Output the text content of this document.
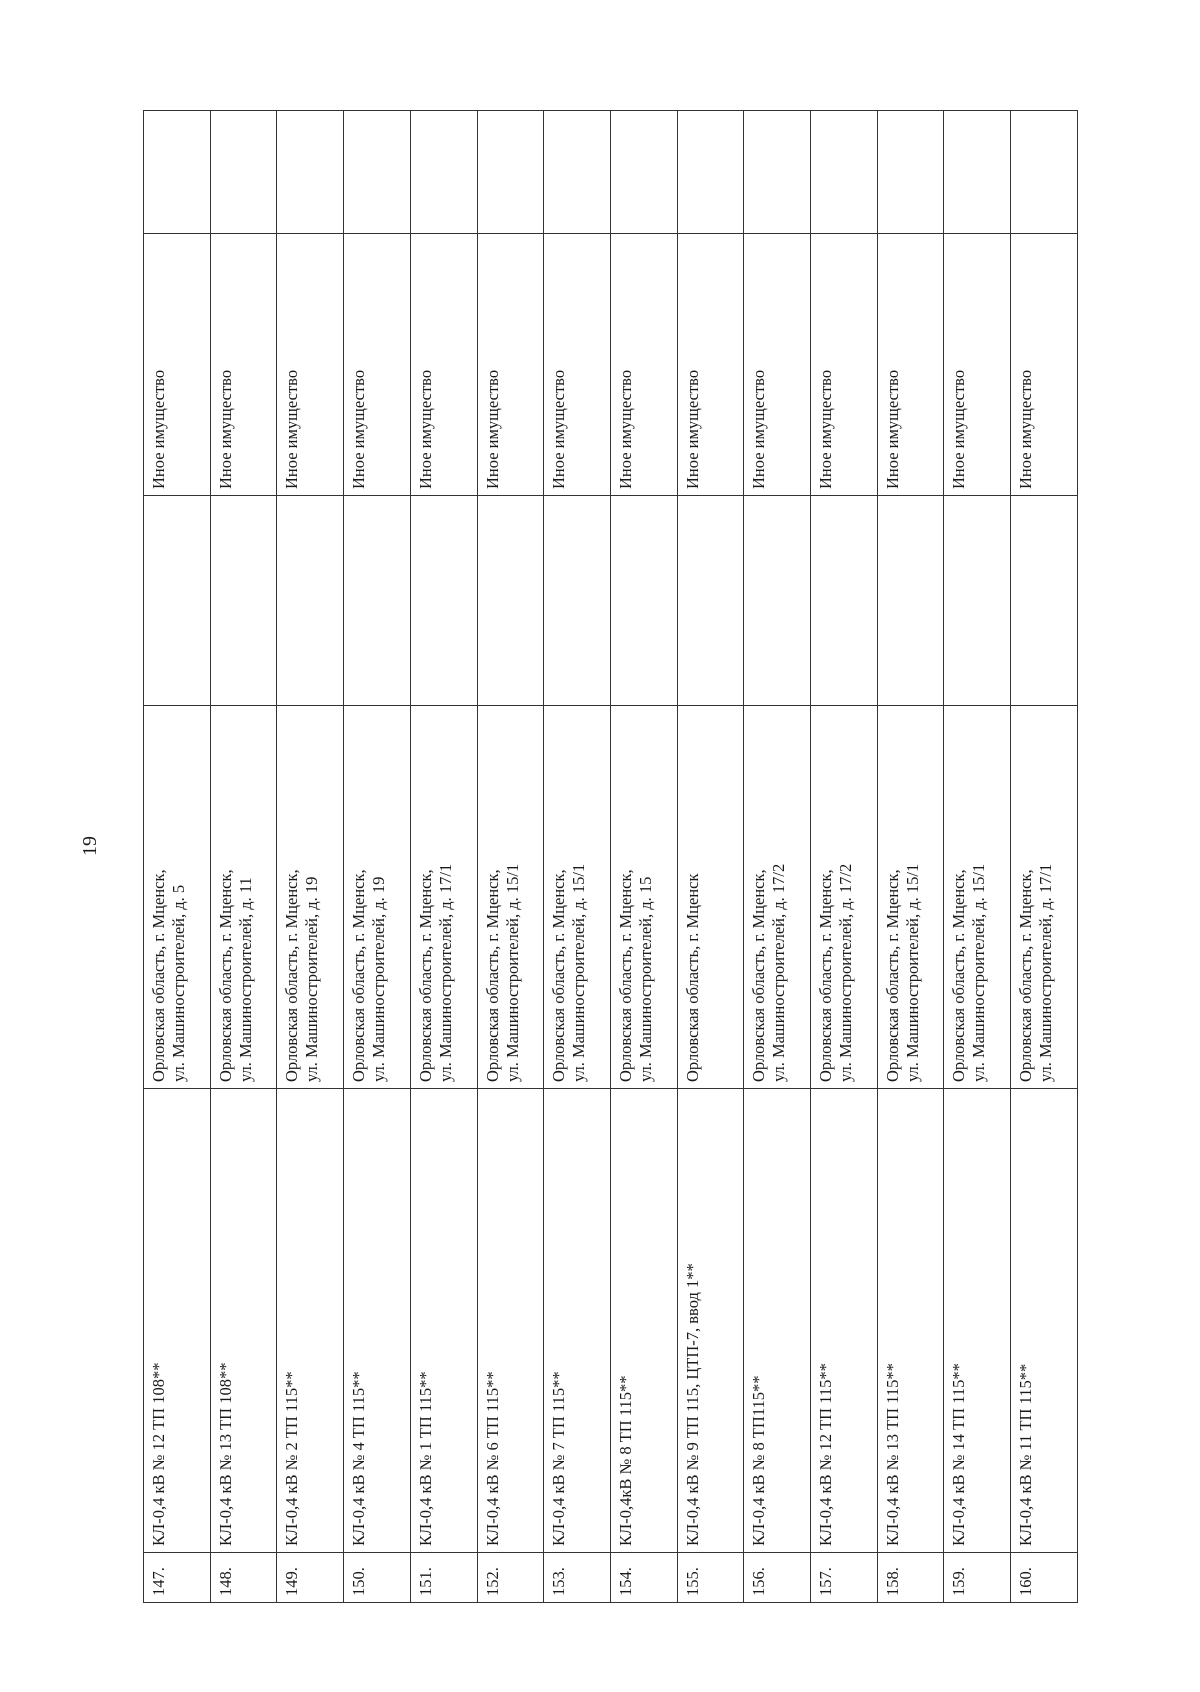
19
147.	КЛ-0,4 кВ № 12 ТП 108**	Орловская область, г. Мценск, ул. Машиностроителей, д. 5		Иное имущество	
148.	КЛ-0,4 кВ № 13 ТП 108**	Орловская область, г. Мценск, ул. Машиностроителей, д. 11		Иное имущество	
149.	КЛ-0,4 кВ № 2 ТП 115**	Орловская область, г. Мценск, ул. Машиностроителей, д. 19		Иное имущество	
150.	КЛ-0,4 кВ № 4 ТП 115**	Орловская область, г. Мценск, ул. Машиностроителей, д. 19		Иное имущество	
151.	КЛ-0,4 кВ № 1 ТП 115**	Орловская область, г. Мценск, ул. Машиностроителей, д. 17/1		Иное имущество	
152.	КЛ-0,4 кВ № 6 ТП 115**	Орловская область, г. Мценск, ул. Машиностроителей, д. 15/1		Иное имущество	
153.	КЛ-0,4 кВ № 7 ТП 115**	Орловская область, г. Мценск, ул. Машиностроителей, д. 15/1		Иное имущество	
154.	КЛ-0,4кВ № 8 ТП 115**	Орловская область, г. Мценск, ул. Машиностроителей, д. 15		Иное имущество	
155.	КЛ-0,4 кВ № 9 ТП 115, ЦТП-7, ввод 1**	Орловская область, г. Мценск		Иное имущество	
156.	КЛ-0,4 кВ № 8 ТП115**	Орловская область, г. Мценск, ул. Машиностроителей, д. 17/2		Иное имущество	
157.	КЛ-0,4 кВ № 12 ТП 115**	Орловская область, г. Мценск, ул. Машиностроителей, д. 17/2		Иное имущество	
158.	КЛ-0,4 кВ № 13 ТП 115**	Орловская область, г. Мценск, ул. Машиностроителей, д. 15/1		Иное имущество	
159.	КЛ-0,4 кВ № 14 ТП 115**	Орловская область, г. Мценск, ул. Машиностроителей, д. 15/1		Иное имущество	
160.	КЛ-0,4 кВ № 11 ТП 115**	Орловская область, г. Мценск, ул. Машиностроителей, д. 17/1		Иное имущество	
